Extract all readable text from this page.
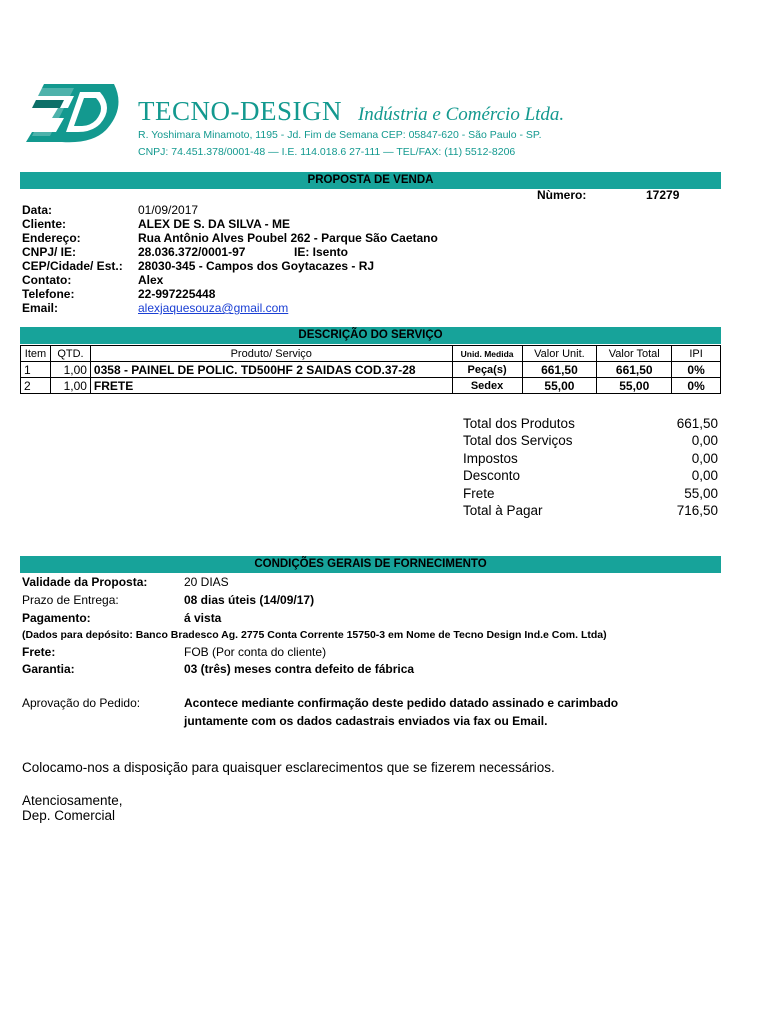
TECNO-DESIGN Indústria e Comércio Ltda.
R. Yoshimara Minamoto, 1195 - Jd. Fim de Semana CEP: 05847-620 - São Paulo - SP.
CNPJ: 74.451.378/0001-48 — I.E. 114.018.6 27-111 — TEL/FAX: (11) 5512-8206
PROPOSTA DE VENDA
Nùmero:	17279
Data:	01/09/2017
Cliente:	ALEX DE S. DA SILVA - ME
Endereço:	Rua Antônio Alves Poubel 262 - Parque São Caetano
CNPJ/ IE:	28.036.372/0001-97	IE: Isento
CEP/Cidade/ Est.: 28030-345 - Campos dos Goytacazes - RJ
Contato:	Alex
Telefone:	22-997225448
Email:	alexjaquesouza@gmail.com
DESCRIÇÃO DO SERVIÇO
Item	QTD.	Produto/ Serviço	Unid. Medida	Valor Unit.	Valor Total	IPI
1	1,00	0358 - PAINEL DE POLIC. TD500HF 2 SAIDAS COD.37-28	Peça(s)	661,50	661,50	0%
2	1,00	FRETE	Sedex	55,00	55,00	0%
Total dos Produtos	661,50
Total dos Serviços	0,00
Impostos	0,00
Desconto	0,00
Frete	55,00
Total à Pagar	716,50
CONDIÇÕES GERAIS DE FORNECIMENTO
Validade da Proposta:	20 DIAS
Prazo de Entrega:	08 dias úteis (14/09/17)
Pagamento:	á vista
(Dados para depósito: Banco Bradesco Ag. 2775 Conta Corrente 15750-3 em Nome de Tecno Design Ind.e Com. Ltda)
Frete:	FOB (Por conta do cliente)
Garantia:	03 (três) meses contra defeito de fábrica
Aprovação do Pedido:	Acontece mediante confirmação deste pedido datado assinado e carimbado
juntamente com os dados cadastrais enviados via fax ou Email.
Colocamo-nos a disposição para quaisquer esclarecimentos que se fizerem necessários.
Atenciosamente,
Dep. Comercial
